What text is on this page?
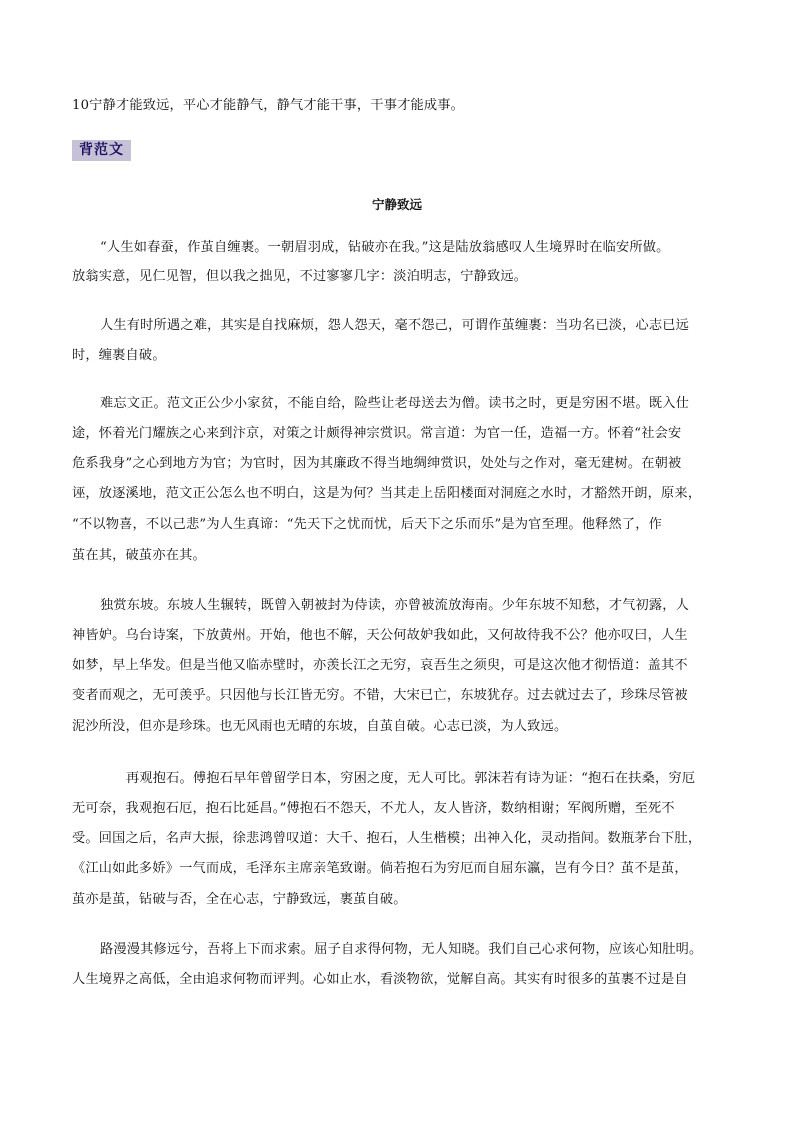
10宁静才能致远，平心才能静气，静气才能干事，干事才能成事。
背范文
宁静致远
“人生如春蚕，作茧自缠裹。一朝眉羽成，钻破亦在我。”这是陆放翁感叹人生境界时在临安所做。
放翁实意，见仁见智，但以我之拙见，不过寥寥几字：淡泊明志，宁静致远。
人生有时所遇之难，其实是自找麻烦，怨人怨天，毫不怨己，可谓作茧缠裹：当功名已淡，心志已远
时，缠裹自破。
难忘文正。范文正公少小家贫，不能自给，险些让老母送去为僧。读书之时，更是穷困不堪。既入仕
途，怀着光门耀族之心来到汴京，对策之计颇得神宗赏识。常言道：为官一任，造福一方。怀着“社会安
危系我身”之心到地方为官；为官时，因为其廉政不得当地绸绅赏识，处处与之作对，毫无建树。在朝被
诬，放逐溪地，范文正公怎么也不明白，这是为何？当其走上岳阳楼面对洞庭之水时，才豁然开朗，原来，
“不以物喜，不以己悲”为人生真谛：“先天下之忧而忧，后天下之乐而乐”是为官至理。他释然了，作
茧在其，破茧亦在其。
独赏东坡。东坡人生辗转，既曾入朝被封为侍读，亦曾被流放海南。少年东坡不知愁，才气初露，人
神皆妒。乌台诗案，下放黄州。开始，他也不解，天公何故妒我如此，又何故待我不公？他亦叹曰，人生
如梦，早上华发。但是当他又临赤壁时，亦羡长江之无穷，哀吾生之须臾，可是这次他才彻悟道：盖其不
变者而观之，无可羡乎。只因他与长江皆无穷。不错，大宋已亡，东坡犹存。过去就过去了，珍珠尽管被
泥沙所没，但亦是珍珠。也无风雨也无晴的东坡，自茧自破。心志已淡，为人致远。
再观抱石。傅抱石早年曾留学日本，穷困之度，无人可比。郭沫若有诗为证：“抱石在扶桑，穷厄
无可奈，我观抱石厄，抱石比延昌。”傅抱石不怨天，不尤人，友人皆济，数纳相谢；军阀所赠，至死不
受。回国之后，名声大振，徐悲鸿曾叹道：大千、抱石，人生楷模；出神入化，灵动指间。数瓶茅台下肚，
《江山如此多娇》一气而成，毛泽东主席亲笔致谢。倘若抱石为穷厄而自屈东瀛，岂有今日？茧不是茧，
茧亦是茧，钻破与否，全在心志，宁静致远，裹茧自破。
路漫漫其修远兮，吾将上下而求索。屈子自求得何物，无人知晓。我们自己心求何物，应该心知肚明。
人生境界之高低，全由追求何物而评判。心如止水，看淡物欲，觉解自高。其实有时很多的茧裹不过是自
